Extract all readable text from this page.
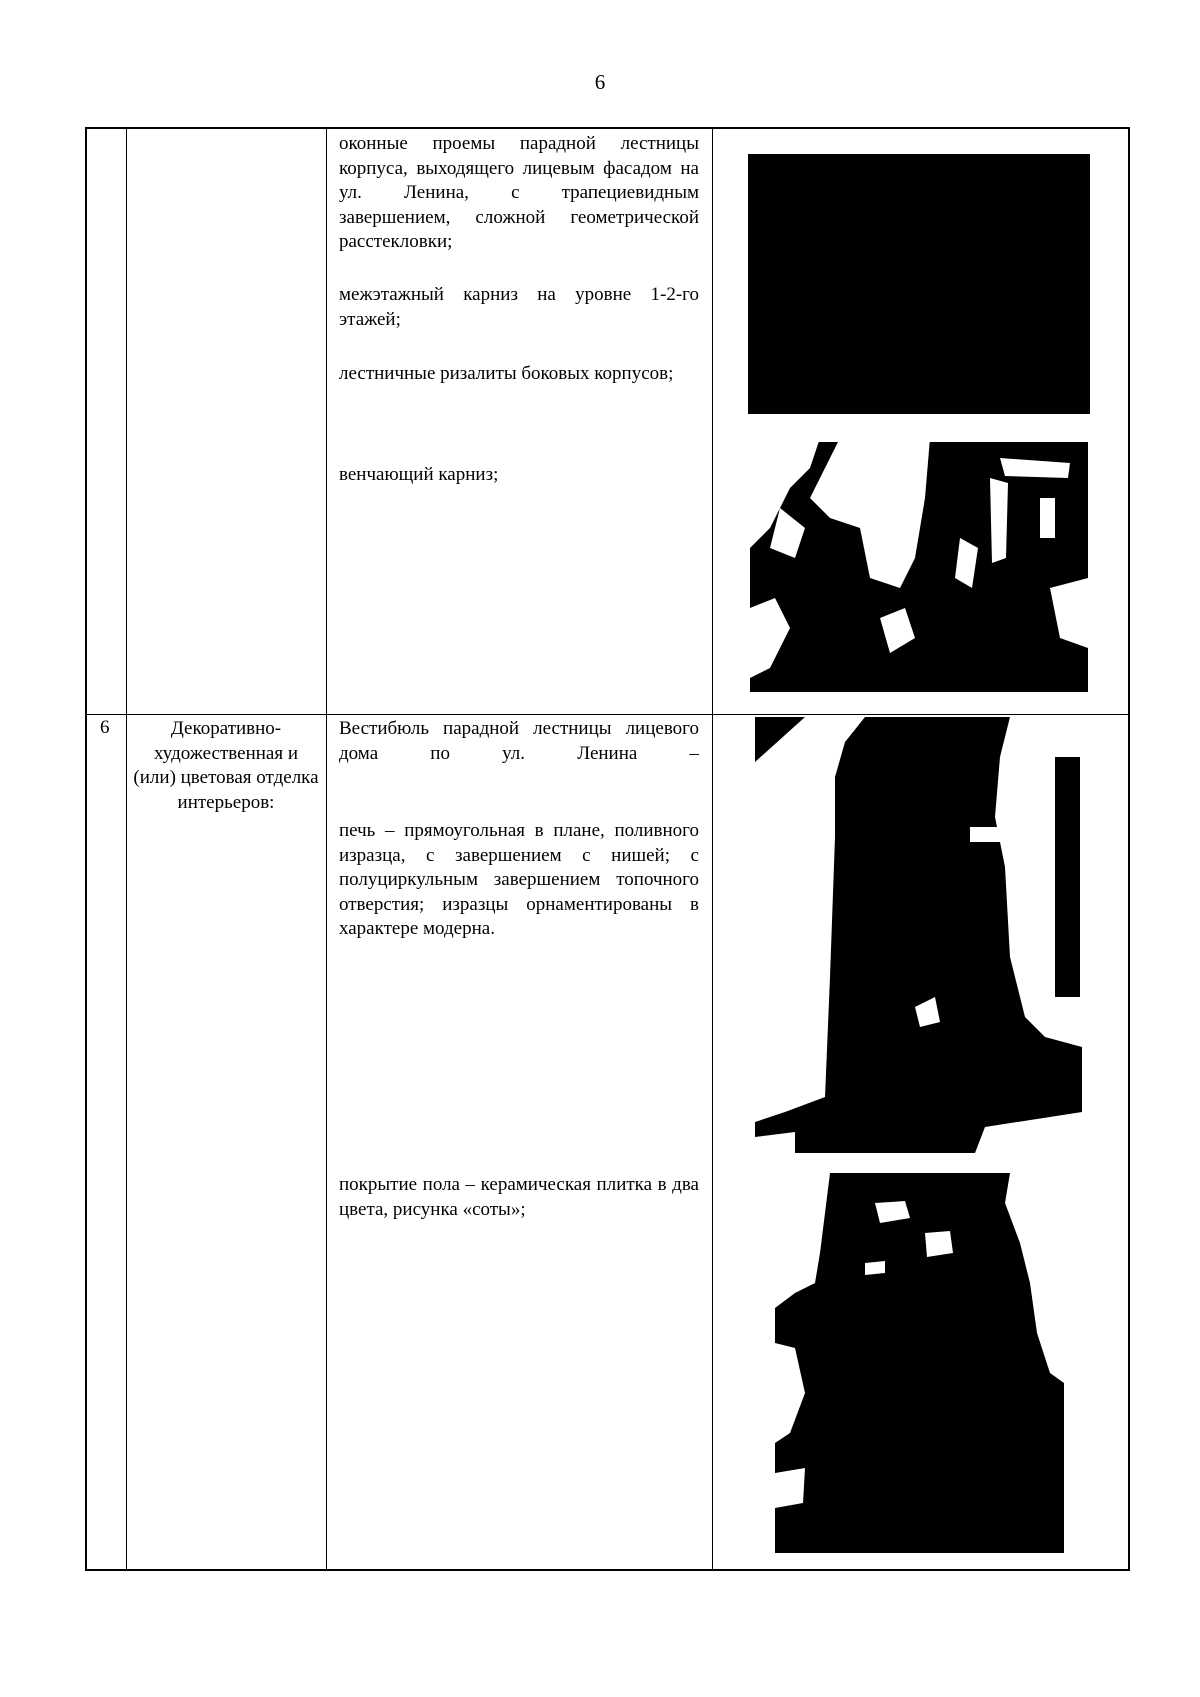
6

оконные проемы парадной лестницы корпуса, выходящего лицевым фасадом на ул. Ленина, с трапециевидным завершением, сложной геометрической расстекловки;

межэтажный карниз на уровне 1-2-го этажей;

лестничные ризалиты боковых корпусов;

венчающий карниз;

6	Декоративно-художественная и (или) цветовая отделка интерьеров:

Вестибюль парадной лестницы лицевого дома по ул. Ленина –

печь – прямоугольная в плане, поливного изразца, с завершением с нишей; с полуциркульным завершением топочного отверстия; изразцы орнаментированы в характере модерна.

покрытие пола – керамическая плитка в два цвета, рисунка «соты»;
